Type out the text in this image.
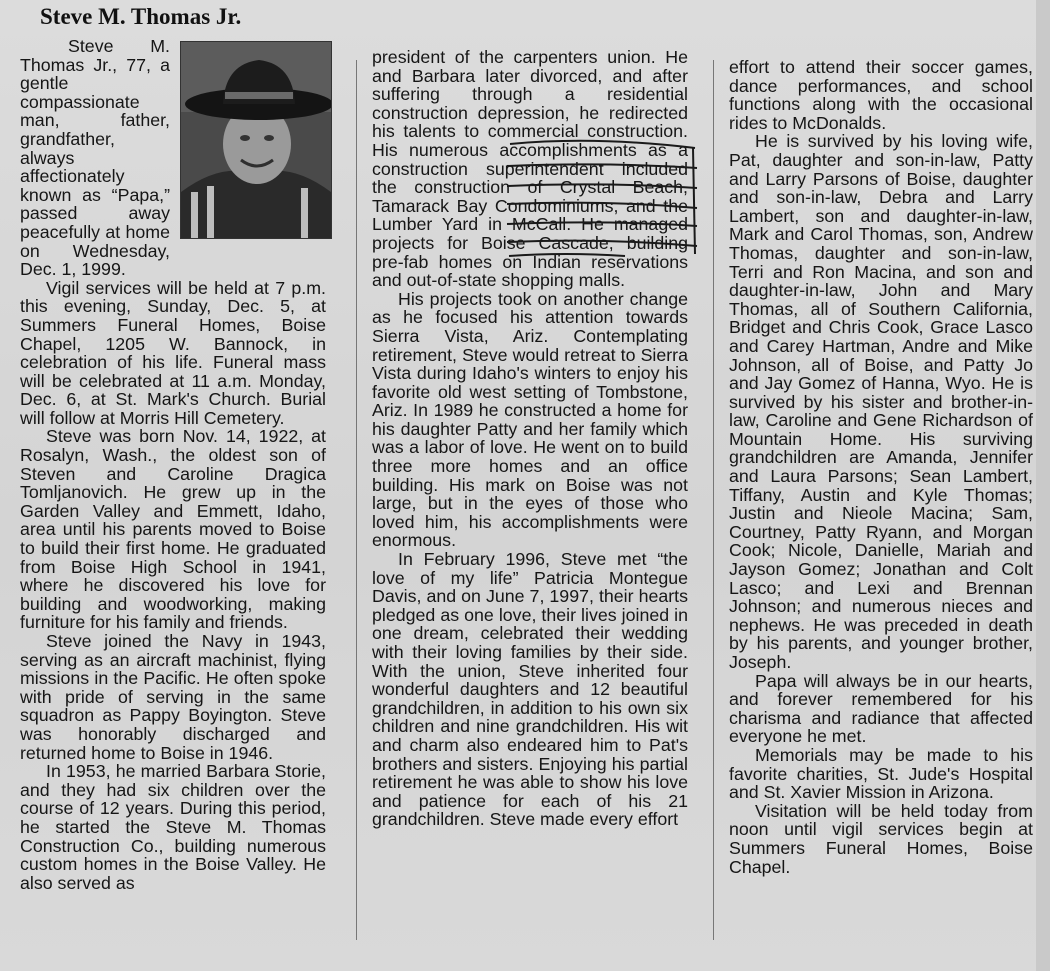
Steve M. Thomas Jr.

Steve M. Thomas Jr., 77, a gentle compassionate man, father, grandfather, always affectionately known as “Papa,” passed away peacefully at home on Wednesday, Dec. 1, 1999.

Vigil services will be held at 7 p.m. this evening, Sunday, Dec. 5, at Summers Funeral Homes, Boise Chapel, 1205 W. Bannock, in celebration of his life. Funeral mass will be celebrated at 11 a.m. Monday, Dec. 6, at St. Mark's Church. Burial will follow at Morris Hill Cemetery.

Steve was born Nov. 14, 1922, at Rosalyn, Wash., the oldest son of Steven and Caroline Dragica Tomljanovich. He grew up in the Garden Valley and Emmett, Idaho, area until his parents moved to Boise to build their first home. He graduated from Boise High School in 1941, where he discovered his love for building and woodworking, making furniture for his family and friends.

Steve joined the Navy in 1943, serving as an aircraft machinist, flying missions in the Pacific. He often spoke with pride of serving in the same squadron as Pappy Boyington. Steve was honorably discharged and returned home to Boise in 1946.

In 1953, he married Barbara Storie, and they had six children over the course of 12 years. During this period, he started the Steve M. Thomas Construction Co., building numerous custom homes in the Boise Valley. He also served as

president of the carpenters union. He and Barbara later divorced, and after suffering through a residential construction depression, he redirected his talents to commercial construction. His numerous accomplishments as a construction superintendent included the construction of Crystal Beach, Tamarack Bay Condominiums, and the Lumber Yard in McCall. He managed projects for Boise Cascade, building pre-fab homes on Indian reservations and out-of-state shopping malls.

His projects took on another change as he focused his attention towards Sierra Vista, Ariz. Contemplating retirement, Steve would retreat to Sierra Vista during Idaho's winters to enjoy his favorite old west setting of Tombstone, Ariz. In 1989 he constructed a home for his daughter Patty and her family which was a labor of love. He went on to build three more homes and an office building. His mark on Boise was not large, but in the eyes of those who loved him, his accomplishments were enormous.

In February 1996, Steve met “the love of my life” Patricia Montegue Davis, and on June 7, 1997, their hearts pledged as one love, their lives joined in one dream, celebrated their wedding with their loving families by their side. With the union, Steve inherited four wonderful daughters and 12 beautiful grandchildren, in addition to his own six children and nine grandchildren. His wit and charm also endeared him to Pat's brothers and sisters. Enjoying his partial retirement he was able to show his love and patience for each of his 21 grandchildren. Steve made every effort

effort to attend their soccer games, dance performances, and school functions along with the occasional rides to McDonalds.

He is survived by his loving wife, Pat, daughter and son-in-law, Patty and Larry Parsons of Boise, daughter and son-in-law, Debra and Larry Lambert, son and daughter-in-law, Mark and Carol Thomas, son, Andrew Thomas, daughter and son-in-law, Terri and Ron Macina, and son and daughter-in-law, John and Mary Thomas, all of Southern California, Bridget and Chris Cook, Grace Lasco and Carey Hartman, Andre and Mike Johnson, all of Boise, and Patty Jo and Jay Gomez of Hanna, Wyo. He is survived by his sister and brother-in-law, Caroline and Gene Richardson of Mountain Home. His surviving grandchildren are Amanda, Jennifer and Laura Parsons; Sean Lambert, Tiffany, Austin and Kyle Thomas; Justin and Nieole Macina; Sam, Courtney, Patty Ryann, and Morgan Cook; Nicole, Danielle, Mariah and Jayson Gomez; Jonathan and Colt Lasco; and Lexi and Brennan Johnson; and numerous nieces and nephews. He was preceded in death by his parents, and younger brother, Joseph.

Papa will always be in our hearts, and forever remembered for his charisma and radiance that affected everyone he met.

Memorials may be made to his favorite charities, St. Jude's Hospital and St. Xavier Mission in Arizona.

Visitation will be held today from noon until vigil services begin at Summers Funeral Homes, Boise Chapel.
